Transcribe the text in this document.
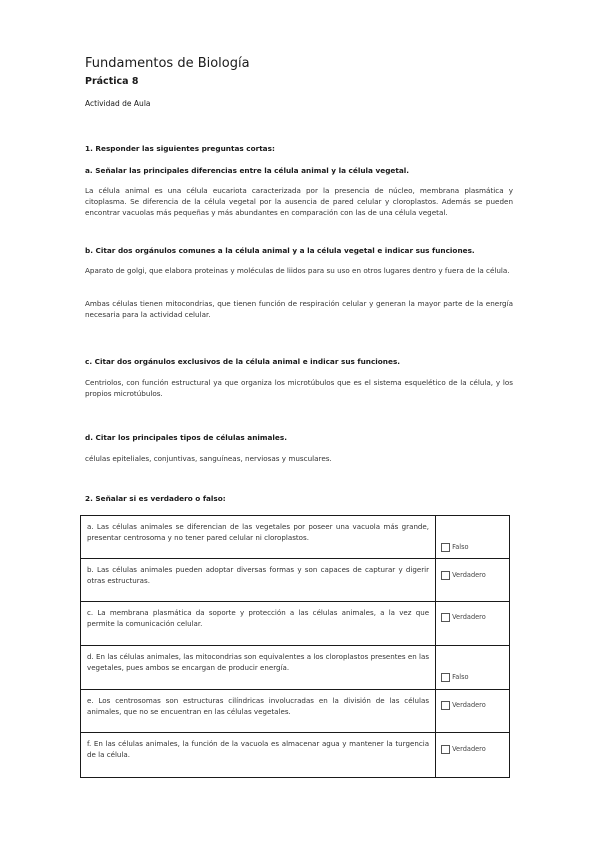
Fundamentos de Biología
Práctica 8
Actividad de Aula
1. Responder las siguientes preguntas cortas:
a. Señalar las principales diferencias entre la célula animal y la célula vegetal.
La célula animal es una célula eucariota caracterizada por la presencia de núcleo, membrana plasmática y citoplasma. Se diferencia de la célula vegetal por la ausencia de pared celular y cloroplastos. Además se pueden encontrar vacuolas más pequeñas y más abundantes en comparación con las de una célula vegetal.
b. Citar dos orgánulos comunes a la célula animal y a la célula vegetal e indicar sus funciones.
Aparato de golgi, que elabora proteinas y moléculas de liidos para su uso en otros lugares dentro y fuera de la célula.
Ambas células tienen mitocondrias, que tienen función de respiración celular y generan la mayor parte de la energía necesaria para la actividad celular.
c. Citar dos orgánulos exclusivos de la célula animal e indicar sus funciones.
Centriolos, con función estructural ya que organiza los microtúbulos que es el sistema esquelético de la célula, y los propios microtúbulos.
d. Citar los principales tipos de células animales.
células epiteliales, conjuntivas, sanguíneas, nerviosas y musculares.
2. Señalar si es verdadero o falso:
a. Las células animales se diferencian de las vegetales por poseer una vacuola más grande, presentar centrosoma y no tener pared celular ni cloroplastos.	Falso

b. Las células animales pueden adoptar diversas formas y son capaces de capturar y digerir otras estructuras.	Verdadero

c. La membrana plasmática da soporte y protección a las células animales, a la vez que permite la comunicación celular.	Verdadero

d. En las células animales, las mitocondrias son equivalentes a los cloroplastos presentes en las vegetales, pues ambos se encargan de producir energía.	Falso

e. Los centrosomas son estructuras cilíndricas involucradas en la división de las células animales, que no se encuentran en las células vegetales.	Verdadero

f. En las células animales, la función de la vacuola es almacenar agua y mantener la turgencia de la célula.	Verdadero
